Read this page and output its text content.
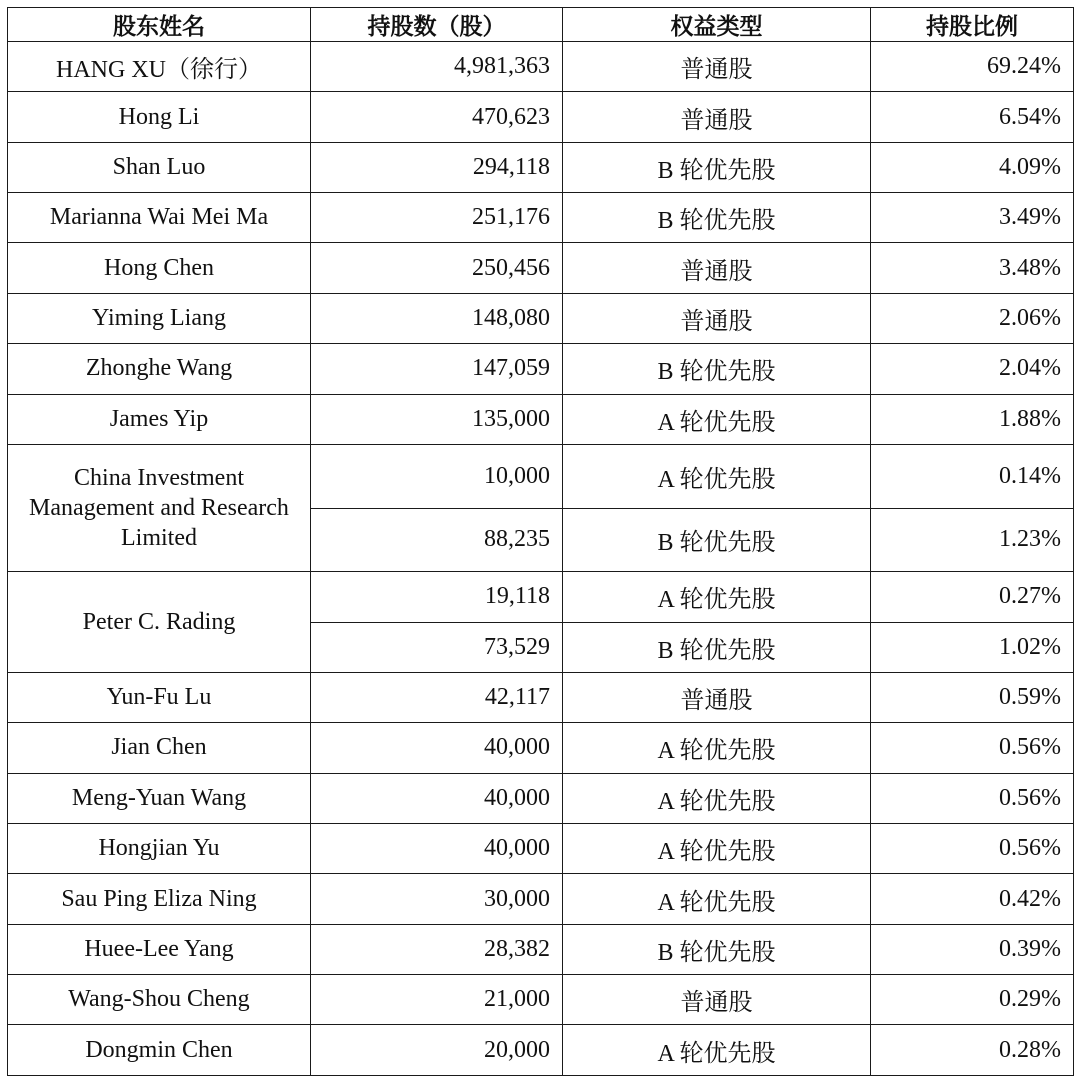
股东姓名	持股数（股）	权益类型	持股比例
HANG XU（徐行）	4,981,363	普通股	69.24%
Hong Li	470,623	普通股	6.54%
Shan Luo	294,118	B 轮优先股	4.09%
Marianna Wai Mei Ma	251,176	B 轮优先股	3.49%
Hong Chen	250,456	普通股	3.48%
Yiming Liang	148,080	普通股	2.06%
Zhonghe Wang	147,059	B 轮优先股	2.04%
James Yip	135,000	A 轮优先股	1.88%
China Investment Management and Research Limited	10,000	A 轮优先股	0.14%
	88,235	B 轮优先股	1.23%
Peter C. Rading	19,118	A 轮优先股	0.27%
	73,529	B 轮优先股	1.02%
Yun-Fu Lu	42,117	普通股	0.59%
Jian Chen	40,000	A 轮优先股	0.56%
Meng-Yuan Wang	40,000	A 轮优先股	0.56%
Hongjian Yu	40,000	A 轮优先股	0.56%
Sau Ping Eliza Ning	30,000	A 轮优先股	0.42%
Huee-Lee Yang	28,382	B 轮优先股	0.39%
Wang-Shou Cheng	21,000	普通股	0.29%
Dongmin Chen	20,000	A 轮优先股	0.28%
